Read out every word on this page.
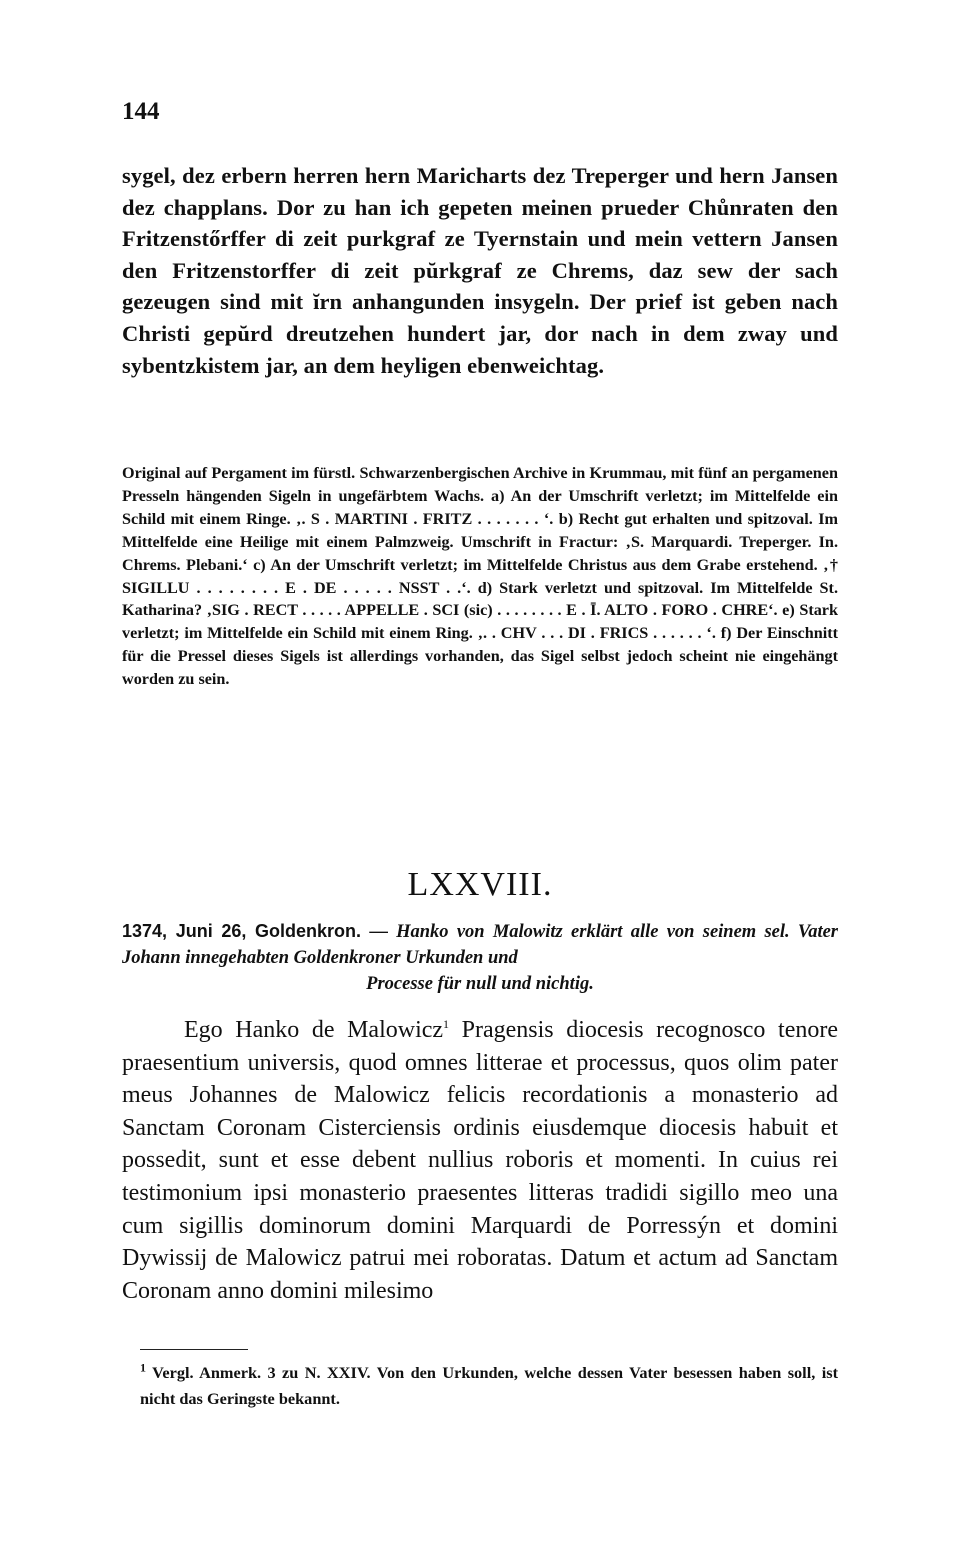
144
sygel, dez erbern herren hern Maricharts dez Treperger und hern Jansen dez chapplans. Dor zu han ich gepeten meinen prueder Chůnraten den Fritzenstőrffer di zeit purkgraf ze Tyernstain und mein vettern Jansen den Fritzenstorffer di zeit pŭrkgraf ze Chrems, daz sew der sach gezeugen sind mit ĭrn anhangunden insygeln. Der prief ist geben nach Christi gepŭrd dreutzehen hundert jar, dor nach in dem zway und sybentzkistem jar, an dem heyligen ebenweichtag.
Original auf Pergament im fürstl. Schwarzenbergischen Archive in Krummau, mit fünf an pergamenen Presseln hängenden Sigeln in ungefärbtem Wachs. a) An der Umschrift verletzt; im Mittelfelde ein Schild mit einem Ringe. ‚. S . MARTINI . FRITZ . . . . . . . ‘. b) Recht gut erhalten und spitzoval. Im Mittelfelde eine Heilige mit einem Palmzweig. Umschrift in Fractur: ‚S. Marquardi. Treperger. In. Chrems. Plebani.‘ c) An der Umschrift verletzt; im Mittelfelde Christus aus dem Grabe erstehend. ‚† SIGILLU . . . . . . . . E . DE . . . . . NSST . .‘. d) Stark verletzt und spitzoval. Im Mittelfelde St. Katharina? ‚SIG . RECT . . . . . APPELLE . SCI (sic) . . . . . . . . E . Ī. ALTO . FORO . CHRE‘. e) Stark verletzt; im Mittelfelde ein Schild mit einem Ring. ‚. . CHV . . . DI . FRICS . . . . . . ‘. f) Der Einschnitt für die Pressel dieses Sigels ist allerdings vorhanden, das Sigel selbst jedoch scheint nie eingehängt worden zu sein.
LXXVIII.
1374, Juni 26, Goldenkron. — Hanko von Malowitz erklärt alle von seinem sel. Vater Johann innegehabten Goldenkroner Urkunden und
Processe für null und nichtig.
Ego Hanko de Malowicz$^1$ Pragensis diocesis recognosco tenore praesentium universis, quod omnes litterae et processus, quos olim pater meus Johannes de Malowicz felicis recordationis a monasterio ad Sanctam Coronam Cisterciensis ordinis eiusdemque diocesis habuit et possedit, sunt et esse debent nullius roboris et momenti. In cuius rei testimonium ipsi monasterio praesentes litteras tradidi sigillo meo una cum sigillis dominorum domini Marquardi de Porressýn et domini Dywissij de Malowicz patrui mei roboratas. Datum et actum ad Sanctam Coronam anno domini milesimo
$^1$ Vergl. Anmerk. 3 zu N. XXIV. Von den Urkunden, welche dessen Vater besessen haben soll, ist nicht das Geringste bekannt.
